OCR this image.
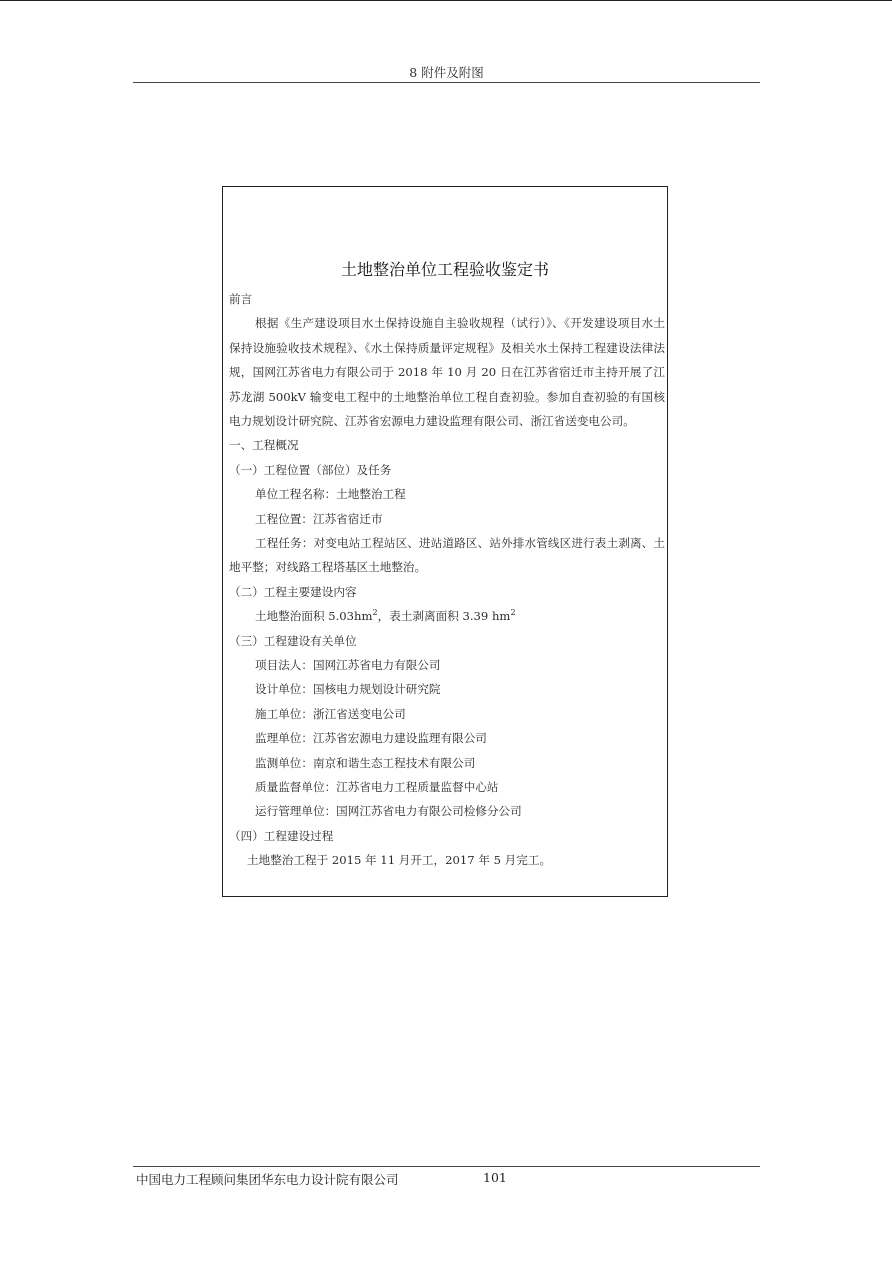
8 附件及附图
土地整治单位工程验收鉴定书
前言
根据《生产建设项目水土保持设施自主验收规程（试行）》、《开发建设项目水土保持设施验收技术规程》、《水土保持质量评定规程》及相关水土保持工程建设法律法规，国网江苏省电力有限公司于 2018 年 10 月 20 日在江苏省宿迁市主持开展了江苏龙湖 500kV 输变电工程中的土地整治单位工程自查初验。参加自查初验的有国核电力规划设计研究院、江苏省宏源电力建设监理有限公司、浙江省送变电公司。
一、工程概况
（一）工程位置（部位）及任务
单位工程名称：土地整治工程
工程位置：江苏省宿迁市
工程任务：对变电站工程站区、进站道路区、站外排水管线区进行表土剥离、土地平整；对线路工程塔基区土地整治。
（二）工程主要建设内容
土地整治面积 $5.03hm^2$，表土剥离面积 3.39 $hm^2$
（三）工程建设有关单位
项目法人：国网江苏省电力有限公司
设计单位：国核电力规划设计研究院
施工单位：浙江省送变电公司
监理单位：江苏省宏源电力建设监理有限公司
监测单位：南京和谐生态工程技术有限公司
质量监督单位：江苏省电力工程质量监督中心站
运行管理单位：国网江苏省电力有限公司检修分公司
（四）工程建设过程
土地整治工程于 2015 年 11 月开工，2017 年 5 月完工。
中国电力工程顾问集团华东电力设计院有限公司	101
